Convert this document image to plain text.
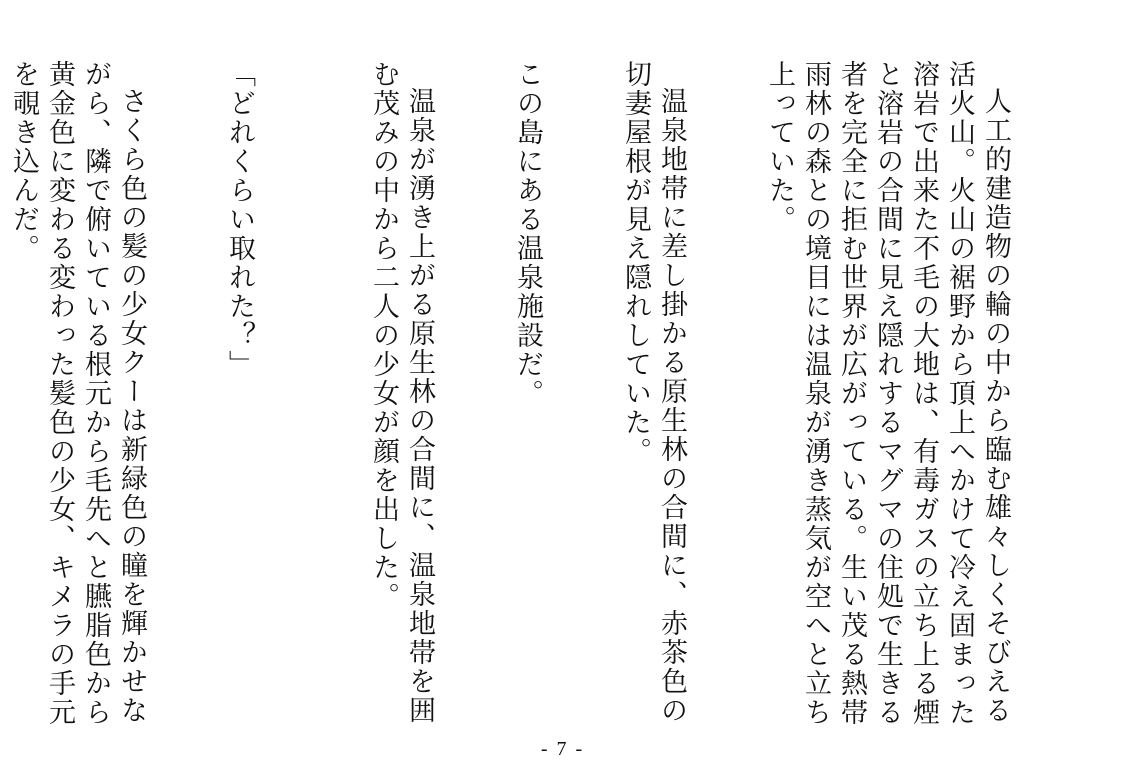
人工的建造物の輪の中から臨む雄々しくそびえる活火山。火山の裾野から頂上へかけて冷え固まった溶岩で出来た不毛の大地は、有毒ガスの立ち上る煙と溶岩の合間に見え隠れするマグマの住処で生きる者を完全に拒む世界が広がっている。生い茂る熱帯雨林の森との境目には温泉が湧き蒸気が空へと立ち上っていた。

温泉地帯に差し掛かる原生林の合間に、赤茶色の切妻屋根が見え隠れしていた。

この島にある温泉施設だ。

温泉が湧き上がる原生林の合間に、温泉地帯を囲む茂みの中から二人の少女が顔を出した。

「どれくらい取れた？」

さくら色の髪の少女クーは新緑色の瞳を輝かせながら、隣で俯いている根元から毛先へと臙脂色から黄金色に変わる変わった髪色の少女、キメラの手元を覗き込んだ。

- 7 -
